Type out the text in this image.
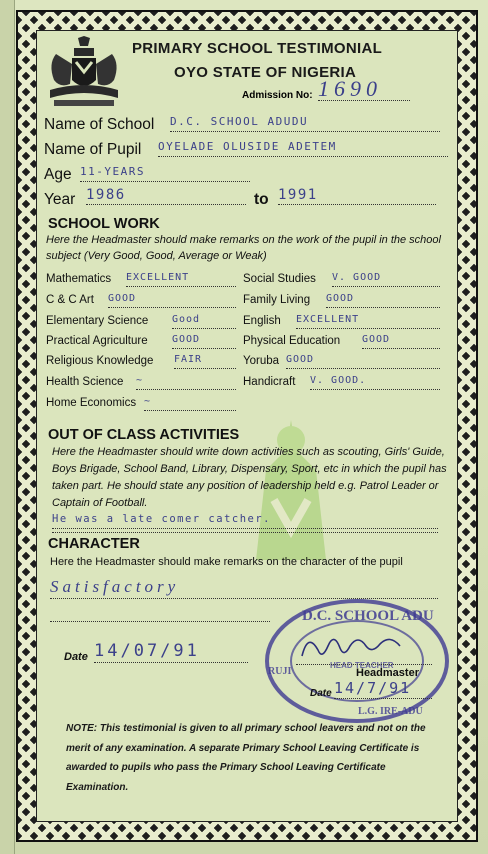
PRIMARY SCHOOL TESTIMONIAL
OYO STATE OF NIGERIA
Admission No: 1690
Name of School D.C. SCHOOL ADUDU
Name of Pupil OYELADE OLUSIDE ADETEM
Age 11-YEARS
Year 1986	to 1991
SCHOOL WORK
Here the Headmaster should make remarks on the work of the pupil in the school subject (Very Good, Good, Average or Weak)
Mathematics EXCELLENT	Social Studies V. GOOD
C & C Art GOOD	Family Living GOOD
Elementary Science Good	English EXCELLENT
Practical Agriculture GOOD	Physical Education GOOD
Religious Knowledge FAIR	Yoruba GOOD
Health Science ~	Handicraft V. GOOD.
Home Economics ~
OUT OF CLASS ACTIVITIES
Here the Headmaster should write down activities such as scouting, Girls' Guide, Boys Brigade, School Band, Library, Dispensary, Sport, etc in which the pupil has taken part. He should state any position of leadership held e.g. Patrol Leader or Captain of Football.
He was a late comer catcher.
CHARACTER
Here the Headmaster should make remarks on the character of the pupil
Satisfactory
Date 14/07/91
D.C. SCHOOL ADU
RUJI
L.G. IRE-ADU
HEAD TEACHER
Headmaster
Date 14/7/91
NOTE: This testimonial is given to all primary school leavers and not on the merit of any examination. A separate Primary School Leaving Certificate is awarded to pupils who pass the Primary School Leaving Certificate Examination.
